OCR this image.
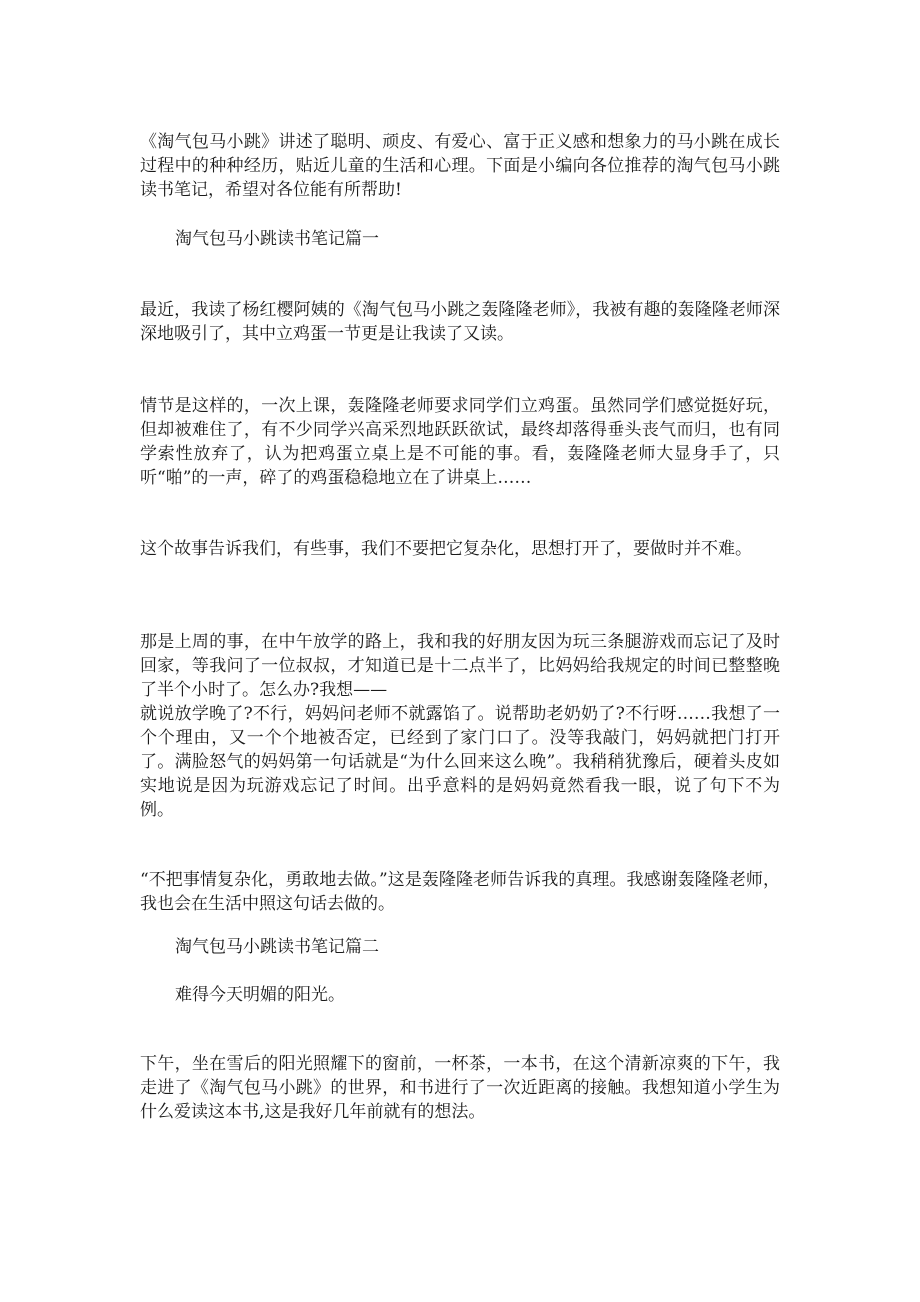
《淘气包马小跳》讲述了聪明、顽皮、有爱心、富于正义感和想象力的马小跳在成长过程中的种种经历，贴近儿童的生活和心理。下面是小编向各位推荐的淘气包马小跳读书笔记，希望对各位能有所帮助!

淘气包马小跳读书笔记篇一

最近，我读了杨红樱阿姨的《淘气包马小跳之轰隆隆老师》，我被有趣的轰隆隆老师深深地吸引了，其中立鸡蛋一节更是让我读了又读。

情节是这样的，一次上课，轰隆隆老师要求同学们立鸡蛋。虽然同学们感觉挺好玩，但却被难住了，有不少同学兴高采烈地跃跃欲试，最终却落得垂头丧气而归，也有同学索性放弃了，认为把鸡蛋立桌上是不可能的事。看，轰隆隆老师大显身手了，只听“啪”的一声，碎了的鸡蛋稳稳地立在了讲桌上……

这个故事告诉我们，有些事，我们不要把它复杂化，思想打开了，要做时并不难。

那是上周的事，在中午放学的路上，我和我的好朋友因为玩三条腿游戏而忘记了及时回家，等我问了一位叔叔，才知道已是十二点半了，比妈妈给我规定的时间已整整晚了半个小时了。怎么办?我想——

就说放学晚了?不行，妈妈问老师不就露馅了。说帮助老奶奶了?不行呀……我想了一个个理由，又一个个地被否定，已经到了家门口了。没等我敲门，妈妈就把门打开了。满脸怒气的妈妈第一句话就是“为什么回来这么晚”。我稍稍犹豫后，硬着头皮如实地说是因为玩游戏忘记了时间。出乎意料的是妈妈竟然看我一眼，说了句下不为例。

“不把事情复杂化，勇敢地去做。”这是轰隆隆老师告诉我的真理。我感谢轰隆隆老师，我也会在生活中照这句话去做的。

淘气包马小跳读书笔记篇二

难得今天明媚的阳光。

下午，坐在雪后的阳光照耀下的窗前，一杯茶，一本书，在这个清新凉爽的下午，我走进了《淘气包马小跳》的世界，和书进行了一次近距离的接触。我想知道小学生为什么爱读这本书,这是我好几年前就有的想法。
